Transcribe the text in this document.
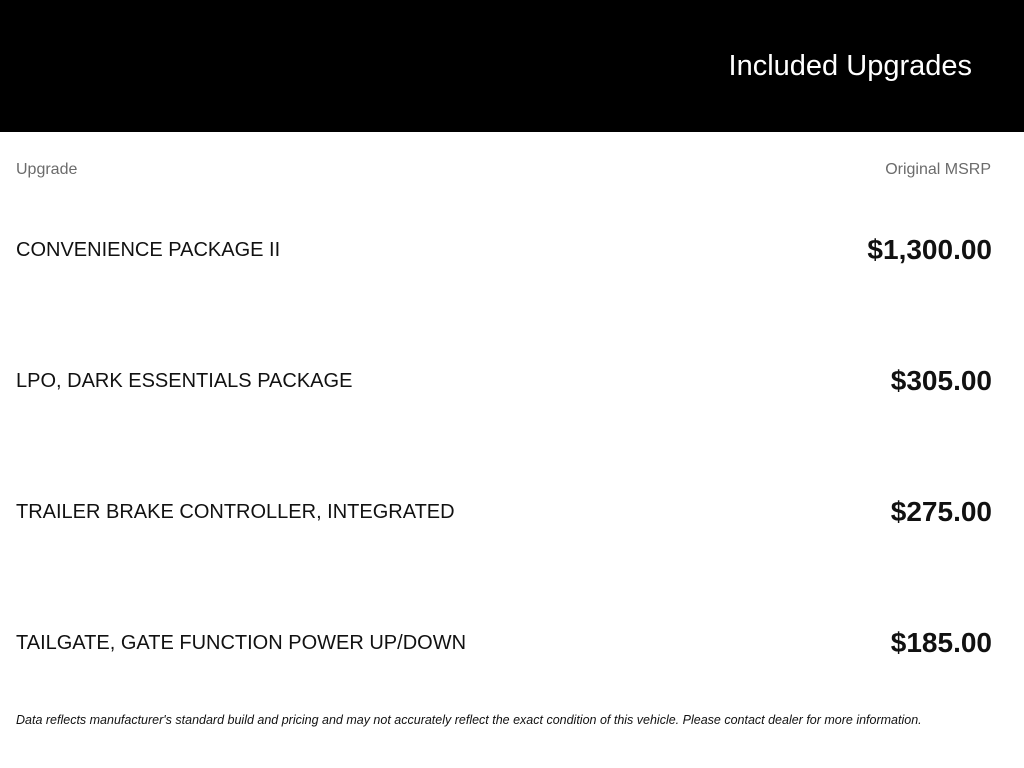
Included Upgrades
Upgrade	Original MSRP
CONVENIENCE PACKAGE II	$1,300.00
LPO, DARK ESSENTIALS PACKAGE	$305.00
TRAILER BRAKE CONTROLLER, INTEGRATED	$275.00
TAILGATE, GATE FUNCTION POWER UP/DOWN	$185.00
Data reflects manufacturer's standard build and pricing and may not accurately reflect the exact condition of this vehicle. Please contact dealer for more information.
